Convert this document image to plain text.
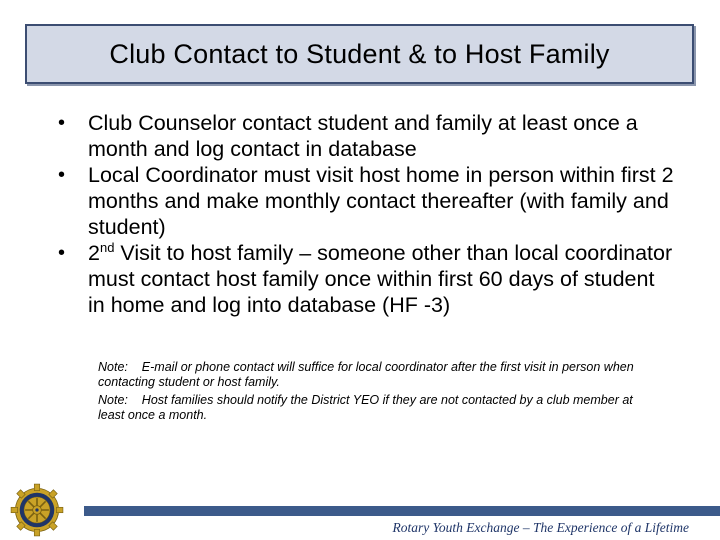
Club Contact to Student & to Host Family
• Club Counselor contact student and family at least once a month and log contact in database
• Local Coordinator must visit host home in person within first 2 months and make monthly contact thereafter (with family and student)
• 2nd Visit to host family – someone other than local coordinator must contact host family once within first 60 days of student in home and log into database (HF -3)
Note: E-mail or phone contact will suffice for local coordinator after the first visit in person when contacting student or host family.
Note: Host families should notify the District YEO if they are not contacted by a club member at least once a month.
Rotary Youth Exchange – The Experience of a Lifetime
